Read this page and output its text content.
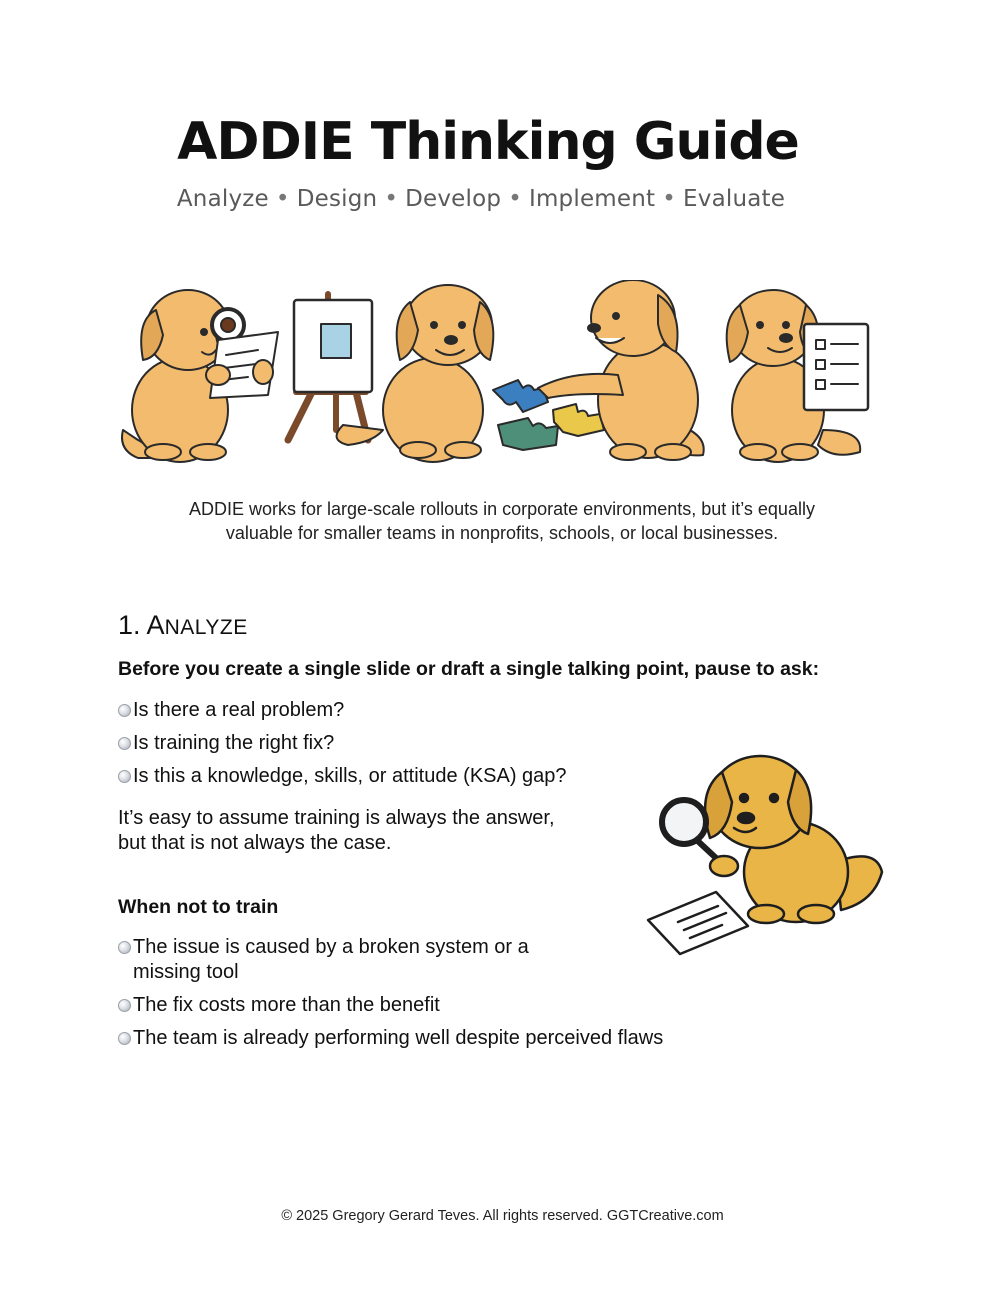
ADDIE Thinking Guide
Analyze • Design • Develop • Implement • Evaluate
ADDIE works for large-scale rollouts in corporate environments, but it’s equally
valuable for smaller teams in nonprofits, schools, or local businesses.
1. ANALYZE
Before you create a single slide or draft a single talking point, pause to ask:
Is there a real problem?
Is training the right fix?
Is this a knowledge, skills, or attitude (KSA) gap?
It’s easy to assume training is always the answer,
but that is not always the case.
When not to train
The issue is caused by a broken system or a
missing tool
The fix costs more than the benefit
The team is already performing well despite perceived flaws
© 2025 Gregory Gerard Teves. All rights reserved. GGTCreative.com
